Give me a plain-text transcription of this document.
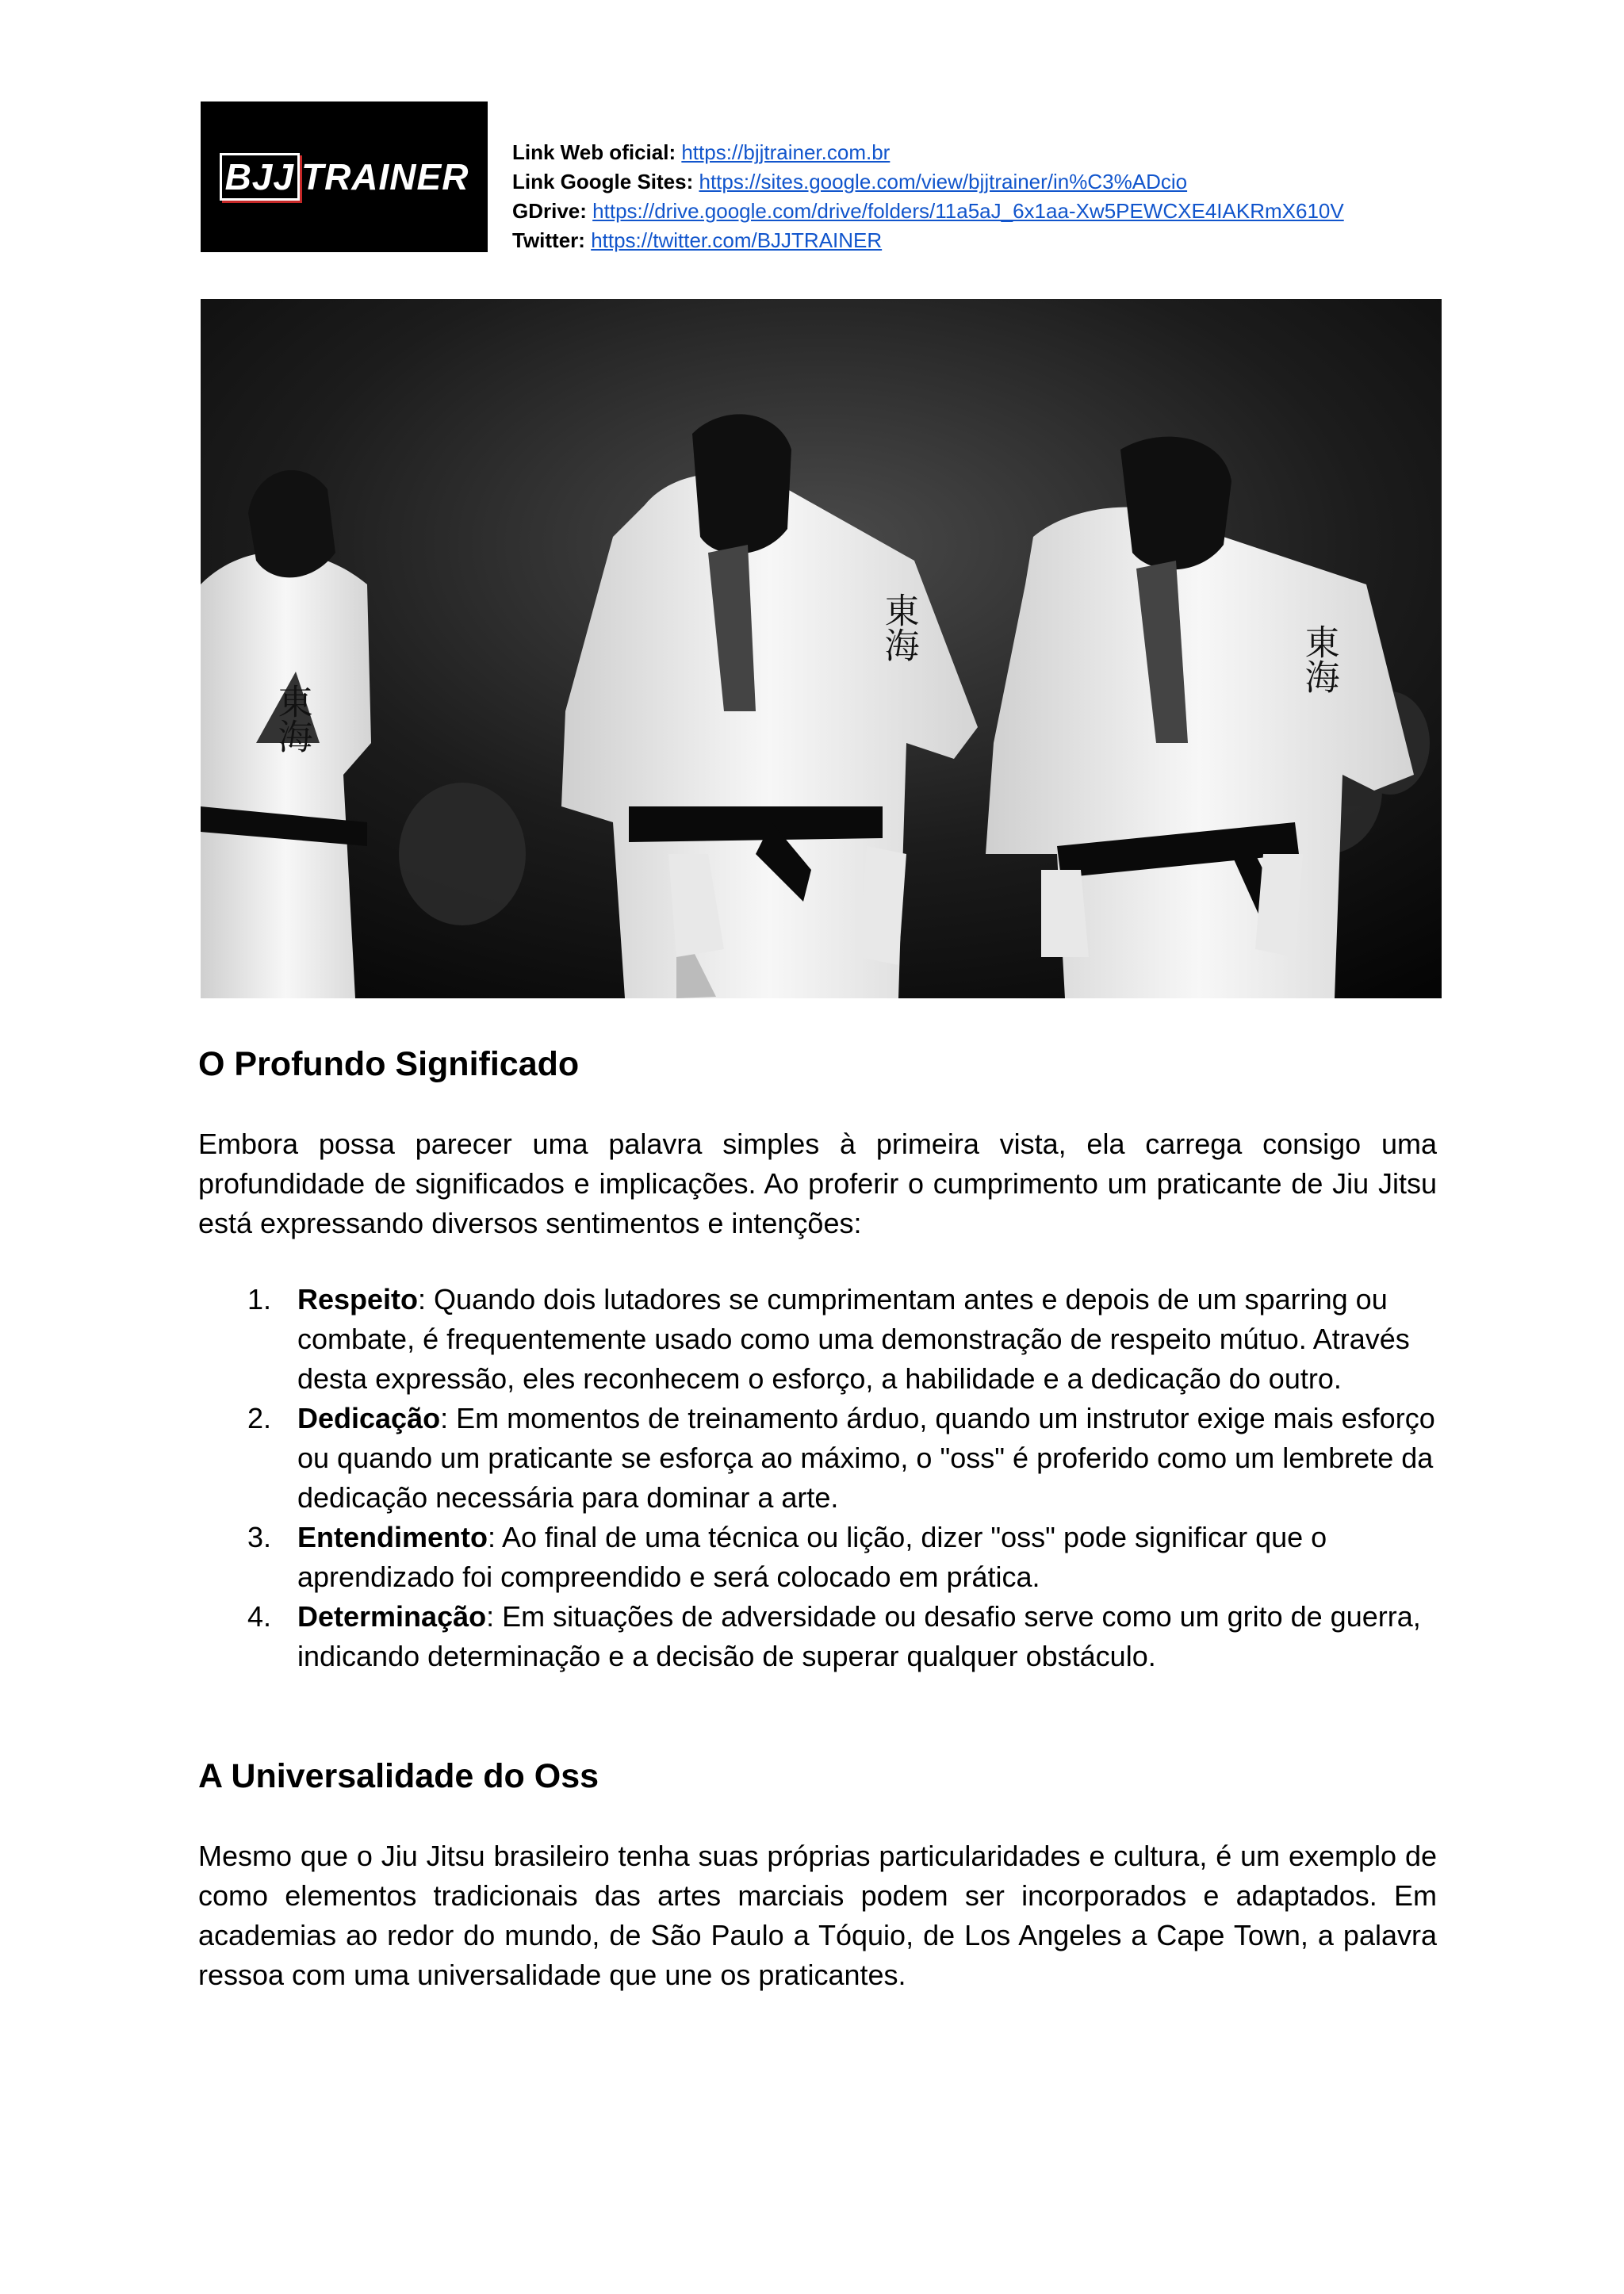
BJJ TRAINER
Link Web oficial: https://bjjtrainer.com.br
Link Google Sites: https://sites.google.com/view/bjjtrainer/in%C3%ADcio
GDrive: https://drive.google.com/drive/folders/11a5aJ_6x1aa-Xw5PEWCXE4IAKRmX610V
Twitter: https://twitter.com/BJJTRAINER
東海
東海	東海
O Profundo Significado

Embora possa parecer uma palavra simples à primeira vista, ela carrega consigo uma profundidade de significados e implicações. Ao proferir o cumprimento um praticante de Jiu Jitsu está expressando diversos sentimentos e intenções:

1. Respeito: Quando dois lutadores se cumprimentam antes e depois de um sparring ou combate, é frequentemente usado como uma demonstração de respeito mútuo. Através desta expressão, eles reconhecem o esforço, a habilidade e a dedicação do outro.
2. Dedicação: Em momentos de treinamento árduo, quando um instrutor exige mais esforço ou quando um praticante se esforça ao máximo, o "oss" é proferido como um lembrete da dedicação necessária para dominar a arte.
3. Entendimento: Ao final de uma técnica ou lição, dizer "oss" pode significar que o aprendizado foi compreendido e será colocado em prática.
4. Determinação: Em situações de adversidade ou desafio serve como um grito de guerra, indicando determinação e a decisão de superar qualquer obstáculo.
A Universalidade do Oss

Mesmo que o Jiu Jitsu brasileiro tenha suas próprias particularidades e cultura, é um exemplo de como elementos tradicionais das artes marciais podem ser incorporados e adaptados. Em academias ao redor do mundo, de São Paulo a Tóquio, de Los Angeles a Cape Town, a palavra ressoa com uma universalidade que une os praticantes.
